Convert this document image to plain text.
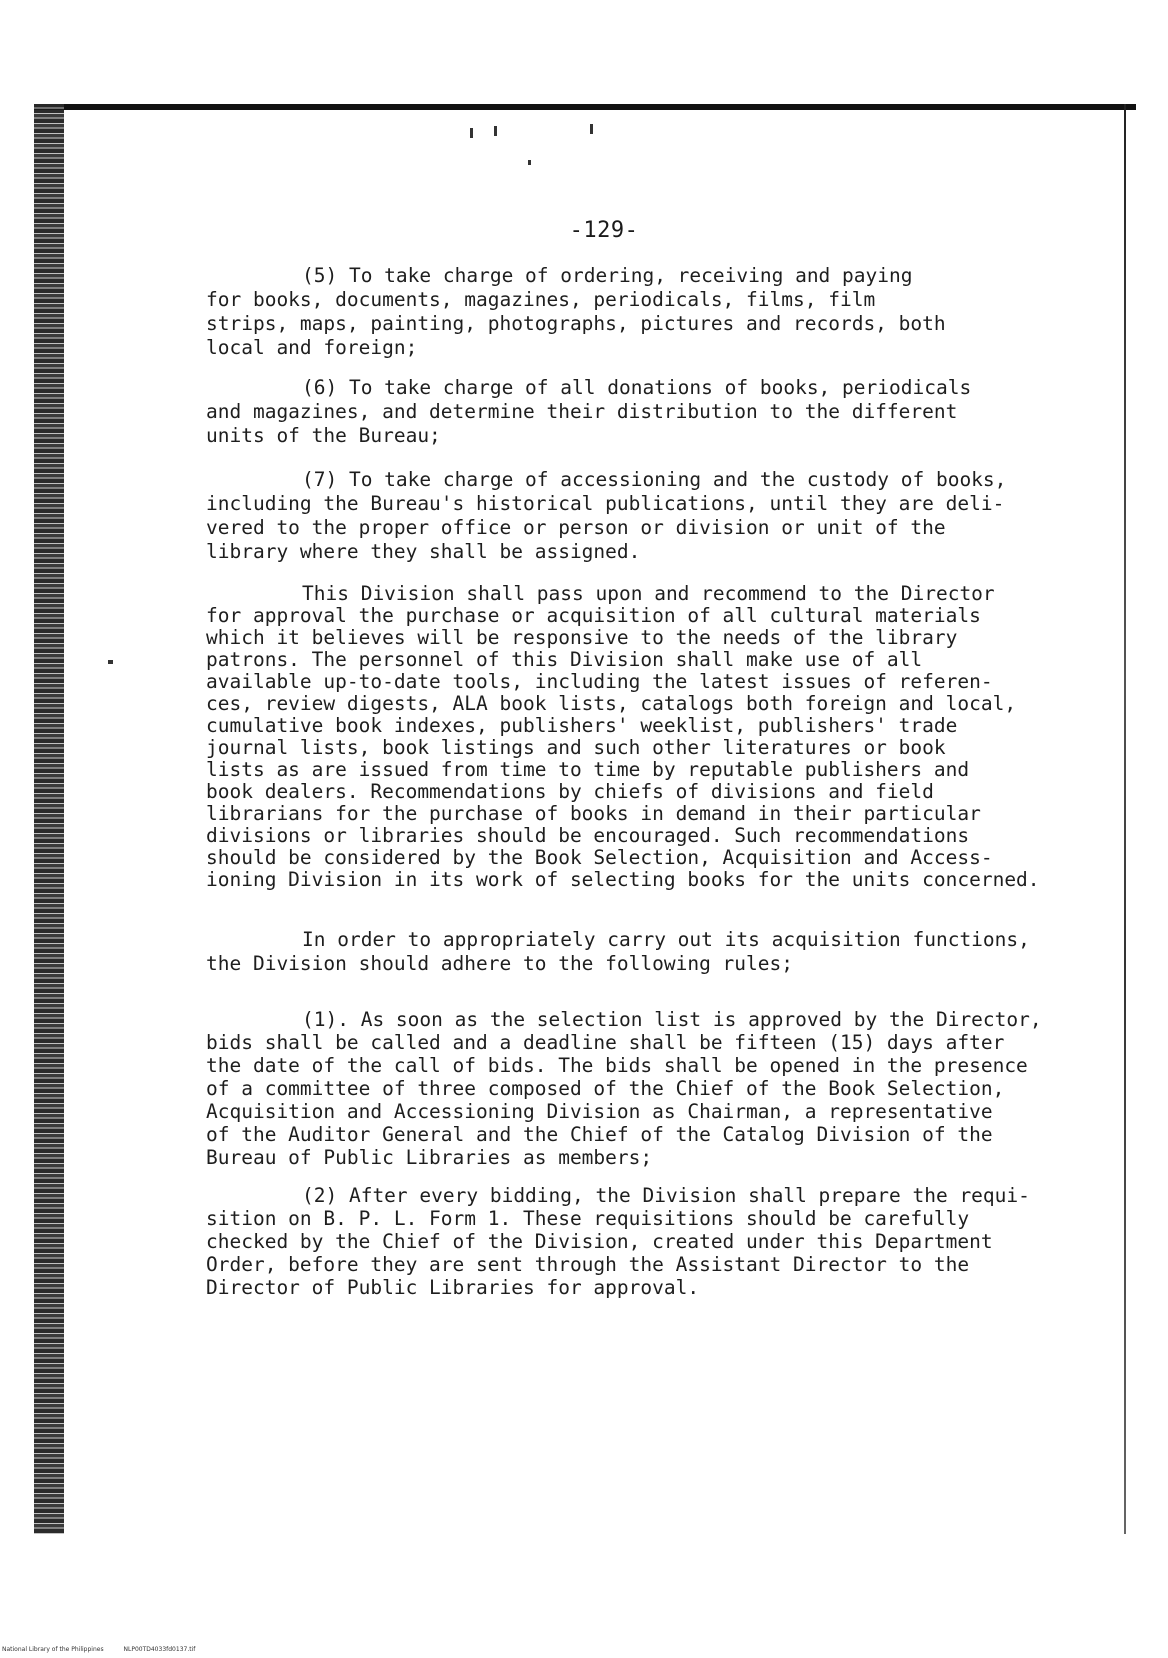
-129-
(5) To take charge of ordering, receiving and paying
for books, documents, magazines, periodicals, films, film
strips, maps, painting, photographs, pictures and records, both
local and foreign;
(6) To take charge of all donations of books, periodicals
and magazines, and determine their distribution to the different
units of the Bureau;
(7) To take charge of accessioning and the custody of books,
including the Bureau's historical publications, until they are deli-
vered to the proper office or person or division or unit of the
library where they shall be assigned.
This Division shall pass upon and recommend to the Director
for approval the purchase or acquisition of all cultural materials
which it believes will be responsive to the needs of the library
patrons. The personnel of this Division shall make use of all
available up-to-date tools, including the latest issues of referen-
ces, review digests, ALA book lists, catalogs both foreign and local,
cumulative book indexes, publishers' weeklist, publishers' trade
journal lists, book listings and such other literatures or book
lists as are issued from time to time by reputable publishers and
book dealers. Recommendations by chiefs of divisions and field
librarians for the purchase of books in demand in their particular
divisions or libraries should be encouraged. Such recommendations
should be considered by the Book Selection, Acquisition and Access-
ioning Division in its work of selecting books for the units concerned.
In order to appropriately carry out its acquisition functions,
the Division should adhere to the following rules;
(1). As soon as the selection list is approved by the Director,
bids shall be called and a deadline shall be fifteen (15) days after
the date of the call of bids. The bids shall be opened in the presence
of a committee of three composed of the Chief of the Book Selection,
Acquisition and Accessioning Division as Chairman, a representative
of the Auditor General and the Chief of the Catalog Division of the
Bureau of Public Libraries as members;
(2) After every bidding, the Division shall prepare the requi-
sition on B. P. L. Form 1. These requisitions should be carefully
checked by the Chief of the Division, created under this Department
Order, before they are sent through the Assistant Director to the
Director of Public Libraries for approval.
National Library of the Philippines	NLP00TD4033fd0137.tif
